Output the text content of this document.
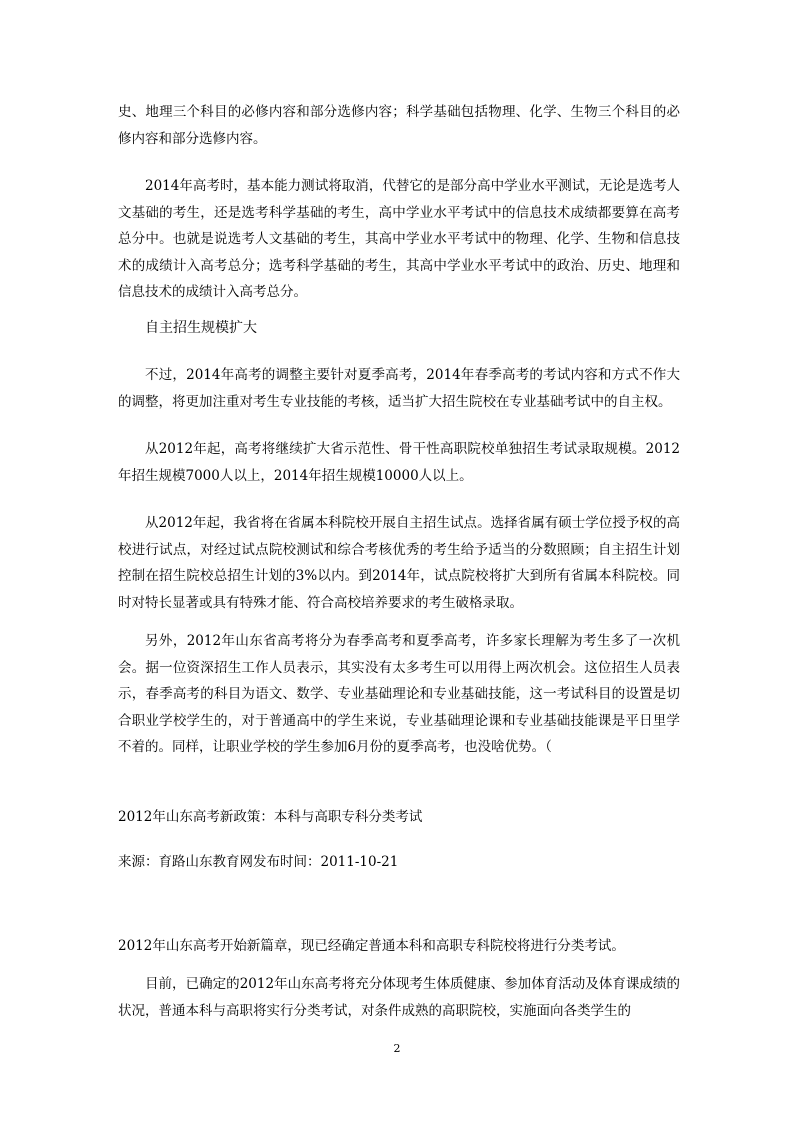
史、地理三个科目的必修内容和部分选修内容；科学基础包括物理、化学、生物三个科目的必修内容和部分选修内容。

2014年高考时，基本能力测试将取消，代替它的是部分高中学业水平测试，无论是选考人文基础的考生，还是选考科学基础的考生，高中学业水平考试中的信息技术成绩都要算在高考总分中。也就是说选考人文基础的考生，其高中学业水平考试中的物理、化学、生物和信息技术的成绩计入高考总分；选考科学基础的考生，其高中学业水平考试中的政治、历史、地理和信息技术的成绩计入高考总分。

自主招生规模扩大

不过，2014年高考的调整主要针对夏季高考，2014年春季高考的考试内容和方式不作大的调整，将更加注重对考生专业技能的考核，适当扩大招生院校在专业基础考试中的自主权。

从2012年起，高考将继续扩大省示范性、骨干性高职院校单独招生考试录取规模。2012年招生规模7000人以上，2014年招生规模10000人以上。

从2012年起，我省将在省属本科院校开展自主招生试点。选择省属有硕士学位授予权的高校进行试点，对经过试点院校测试和综合考核优秀的考生给予适当的分数照顾；自主招生计划控制在招生院校总招生计划的3%以内。到2014年，试点院校将扩大到所有省属本科院校。同时对特长显著或具有特殊才能、符合高校培养要求的考生破格录取。

另外，2012年山东省高考将分为春季高考和夏季高考，许多家长理解为考生多了一次机会。据一位资深招生工作人员表示，其实没有太多考生可以用得上两次机会。这位招生人员表示，春季高考的科目为语文、数学、专业基础理论和专业基础技能，这一考试科目的设置是切合职业学校学生的，对于普通高中的学生来说，专业基础理论课和专业基础技能课是平日里学不着的。同样，让职业学校的学生参加6月份的夏季高考，也没啥优势。（

2012年山东高考新政策：本科与高职专科分类考试

来源：育路山东教育网发布时间：2011-10-21

2012年山东高考开始新篇章，现已经确定普通本科和高职专科院校将进行分类考试。

目前，已确定的2012年山东高考将充分体现考生体质健康、参加体育活动及体育课成绩的状况，普通本科与高职将实行分类考试，对条件成熟的高职院校，实施面向各类学生的

2
